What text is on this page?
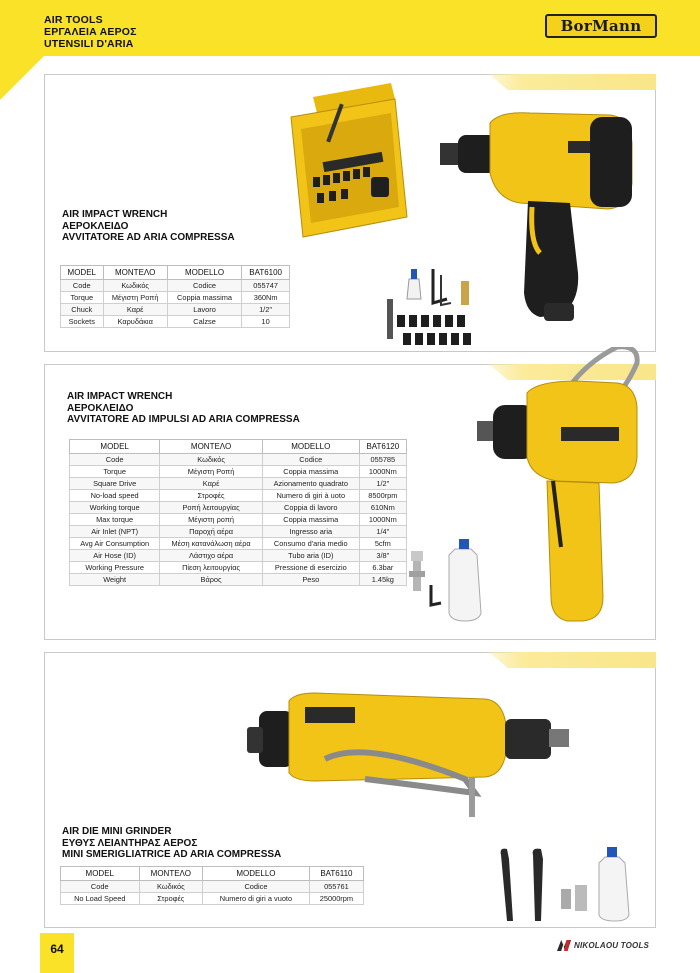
AIR TOOLS
ΕΡΓΑΛΕΙΑ ΑΕΡΟΣ
UTENSILI D'ARIA
BorMann
AIR IMPACT WRENCH
ΑΕΡΟΚΛΕΙΔΟ
AVVITATORE AD ARIA COMPRESSA
MODEL	ΜΟΝΤΕΛΟ	MODELLO	BAT6100
Code	Κωδικός	Codice	055747
Torque	Μέγιστη Ροπή	Coppia massima	360Nm
Chuck	Καρέ	Lavoro	1/2''
Sockets	Καρυδάκια	Calzse	10
AIR IMPACT WRENCH
ΑΕΡΟΚΛΕΙΔΟ
AVVITATORE AD IMPULSI AD ARIA COMPRESSA
MODEL	ΜΟΝΤΕΛΟ	MODELLO	BAT6120
Code	Κωδικός	Codice	055785
Torque	Μέγιστη Ροπή	Coppia massima	1000Nm
Square Drive	Καρέ	Azionamento quadrato	1/2"
No-load speed	Στροφές	Numero di giri à uoto	8500rpm
Working torque	Ροπή λειτουργίας	Coppia di lavoro	610Nm
Max torque	Μέγιστη ροπή	Coppia massima	1000Nm
Air Inlet (NPT)	Παροχή αέρα	Ingresso aria	1/4"
Avg Air Consumption	Μέση κατανάλωση αέρα	Consumo d'aria medio	5cfm
Air Hose (ID)	Λάστιχο αέρα	Tubo aria (ID)	3/8"
Working Pressure	Πίεση λειτουργίας	Pressione di esercizio	6.3bar
Weight	Βάρος	Peso	1.45kg
AIR DIE MINI GRINDER
ΕΥΘΥΣ ΛΕΙΑΝΤΗΡΑΣ ΑΕΡΟΣ
MINI SMERIGLIATRICE AD ARIA COMPRESSA
MODEL	ΜΟΝΤΕΛΟ	MODELLO	BAT6110
Code	Κωδικός	Codice	055761
No Load Speed	Στροφές	Numero di giri a vuoto	25000rpm
64	NIKOLAOU TOOLS
